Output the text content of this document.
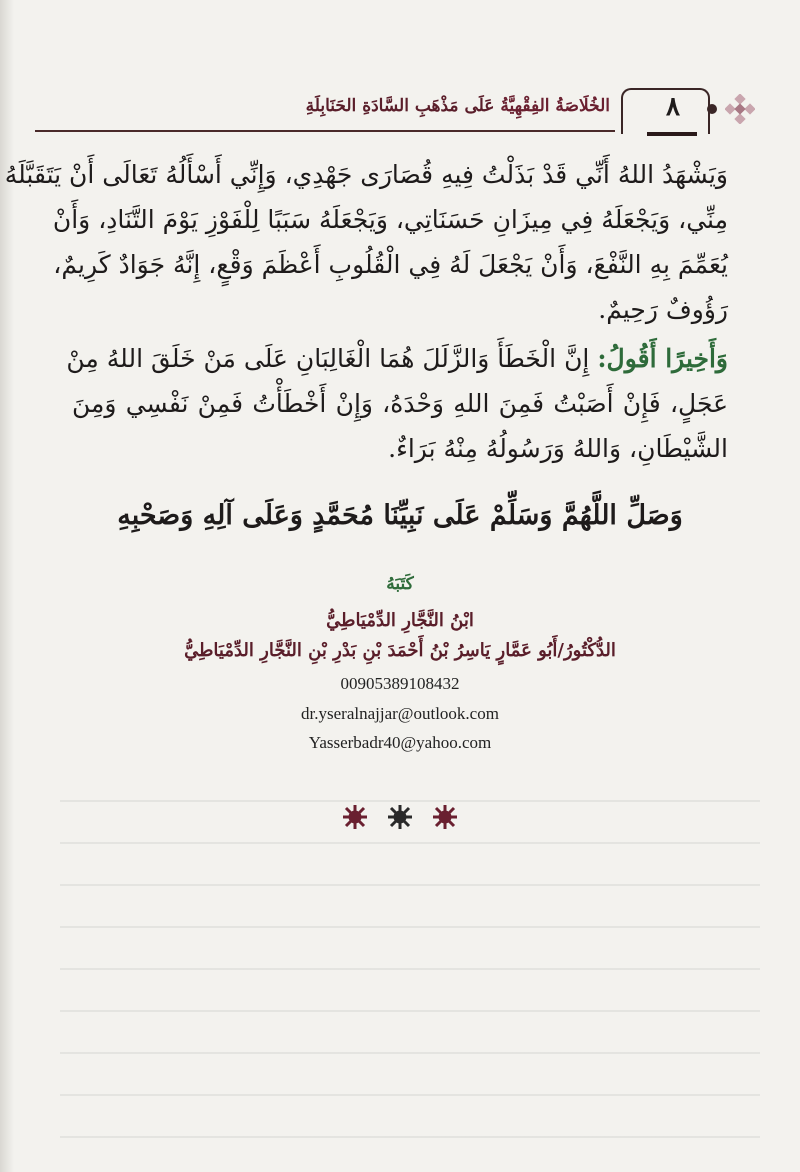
الخُلَاصَةُ الفِقْهِيَّةُ عَلَى مَذْهَبِ السَّادَةِ الحَنَابِلَةِ	٨
وَيَشْهَدُ اللهُ أَنِّي قَدْ بَذَلْتُ فِيهِ قُصَارَى جَهْدِي، وَإِنِّي أَسْأَلُهُ تَعَالَى أَنْ يَتَقَبَّلَهُ
مِنِّي، وَيَجْعَلَهُ فِي مِيزَانِ حَسَنَاتِي، وَيَجْعَلَهُ سَبَبًا لِلْفَوْزِ يَوْمَ التَّنَادِ، وَأَنْ
يُعَمِّمَ بِهِ النَّفْعَ، وَأَنْ يَجْعَلَ لَهُ فِي الْقُلُوبِ أَعْظَمَ وَقْعٍ، إِنَّهُ جَوَادٌ كَرِيمٌ،
رَؤُوفٌ رَحِيمٌ.
وَأَخِيرًا أَقُولُ: إِنَّ الْخَطَأَ وَالزَّلَلَ هُمَا الْغَالِبَانِ عَلَى مَنْ خَلَقَ اللهُ مِنْ
عَجَلٍ، فَإِنْ أَصَبْتُ فَمِنَ اللهِ وَحْدَهُ، وَإِنْ أَخْطَأْتُ فَمِنْ نَفْسِي وَمِنَ
الشَّيْطَانِ، وَاللهُ وَرَسُولُهُ مِنْهُ بَرَاءٌ.
وَصَلِّ اللَّهُمَّ وَسَلِّمْ عَلَى نَبِيِّنَا مُحَمَّدٍ وَعَلَى آلِهِ وَصَحْبِهِ
كَتَبَهُ
ابْنُ النَّجَّارِ الدِّمْيَاطِيُّ
الدُّكْتُورُ/أَبُو عَمَّارٍ يَاسِرُ بْنُ أَحْمَدَ بْنِ بَدْرِ بْنِ النَّجَّارِ الدِّمْيَاطِيُّ
00905389108432
dr.yseralnajjar@outlook.com
Yasserbadr40@yahoo.com
